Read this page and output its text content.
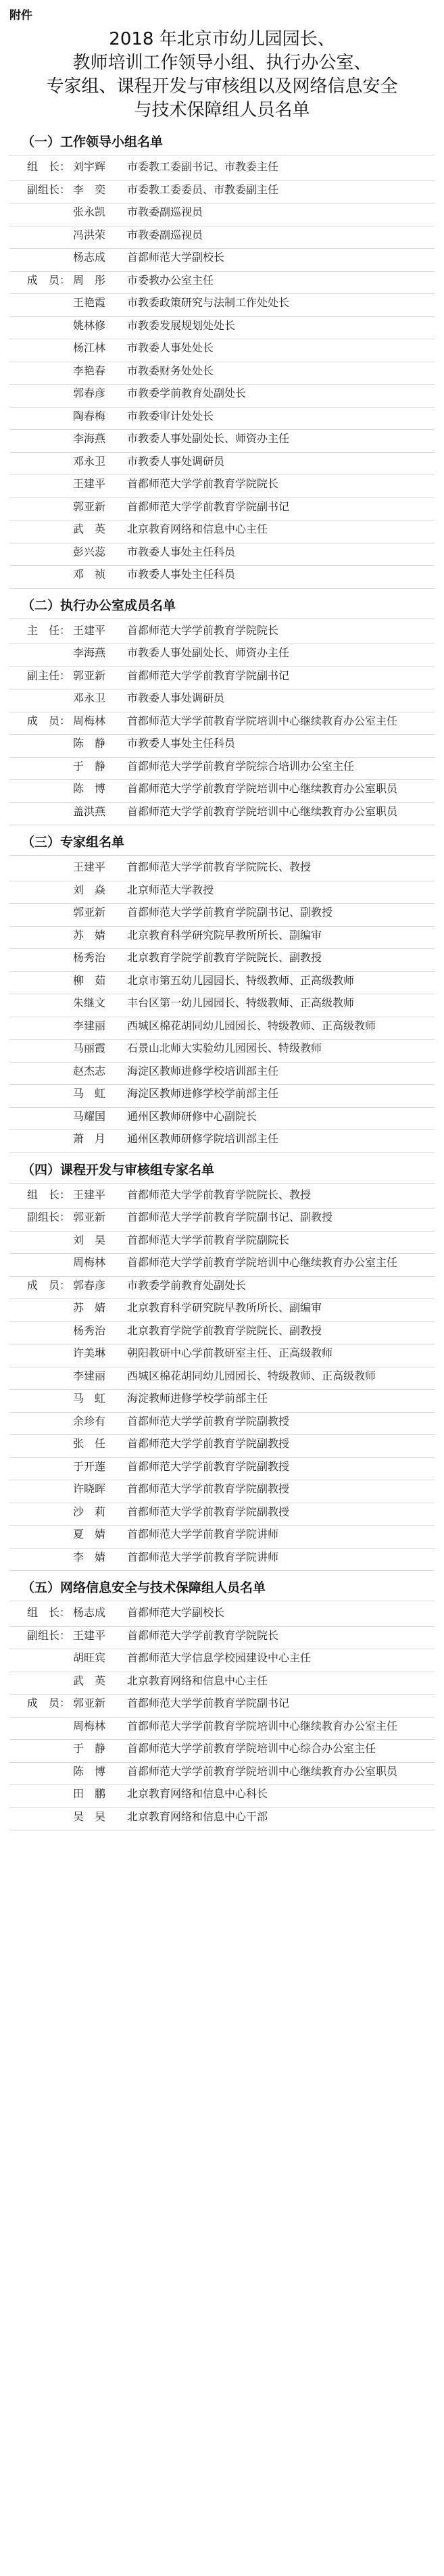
附件
2018 年北京市幼儿园园长、
教师培训工作领导小组、执行办公室、
专家组、课程开发与审核组以及网络信息安全
与技术保障组人员名单
（一）工作领导小组名单
组　长： 刘宇辉	市委教工委副书记、市教委主任
副组长： 李　奕	市委教工委委员、市教委副主任
张永凯	市教委副巡视员
冯洪荣	市教委副巡视员
杨志成	首都师范大学副校长
成　员： 周　彤	市委教办公室主任
王艳霞	市教委政策研究与法制工作处处长
姚林修	市教委发展规划处处长
杨江林	市教委人事处处长
李艳春	市教委财务处处长
郭春彦	市教委学前教育处副处长
陶春梅	市教委审计处处长
李海燕	市教委人事处副处长、师资办主任
邓永卫	市教委人事处调研员
王建平	首都师范大学学前教育学院院长
郭亚新	首都师范大学学前教育学院副书记
武　英	北京教育网络和信息中心主任
彭兴蕊	市教委人事处主任科员
邓　祯	市教委人事处主任科员
（二）执行办公室成员名单
主　任： 王建平	首都师范大学学前教育学院院长
李海燕	市教委人事处副处长、师资办主任
副主任： 郭亚新	首都师范大学学前教育学院副书记
邓永卫	市教委人事处调研员
成　员： 周梅林	首都师范大学学前教育学院培训中心继续教育办公室主任
陈　静	市教委人事处主任科员
于　静	首都师范大学学前教育学院综合培训办公室主任
陈　博	首都师范大学学前教育学院培训中心继续教育办公室职员
盖洪燕	首都师范大学学前教育学院培训中心继续教育办公室职员
（三）专家组名单
王建平	首都师范大学学前教育学院院长、教授
刘　焱	北京师范大学教授
郭亚新	首都师范大学学前教育学院副书记、副教授
苏　婧	北京教育科学研究院早教所所长、副编审
杨秀治	北京教育学院学前教育学院院长、副教授
柳　茹	北京市第五幼儿园园长、特级教师、正高级教师
朱继文	丰台区第一幼儿园园长、特级教师、正高级教师
李建丽	西城区棉花胡同幼儿园园长、特级教师、正高级教师
马丽霞	石景山北师大实验幼儿园园长、特级教师
赵杰志	海淀区教师进修学校培训部主任
马　虹	海淀区教师进修学校学前部主任
马耀国	通州区教师研修中心副院长
萧　月	通州区教师研修学院培训部主任
（四）课程开发与审核组专家名单
组　长： 王建平	首都师范大学学前教育学院院长、教授
副组长： 郭亚新	首都师范大学学前教育学院副书记、副教授
刘　昊	首都师范大学学前教育学院副院长
周梅林	首都师范大学学前教育学院培训中心继续教育办公室主任
成　员： 郭春彦	市教委学前教育处副处长
苏　婧	北京教育科学研究院早教所所长、副编审
杨秀治	北京教育学院学前教育学院院长、副教授
许美琳	朝阳教研中心学前教研室主任、正高级教师
李建丽	西城区棉花胡同幼儿园园长、特级教师、正高级教师
马　虹	海淀教师进修学校学前部主任
余珍有	首都师范大学学前教育学院副教授
张　任	首都师范大学学前教育学院副教授
于开莲	首都师范大学学前教育学院副教授
许晓晖	首都师范大学学前教育学院副教授
沙　莉	首都师范大学学前教育学院副教授
夏　婧	首都师范大学学前教育学院讲师
李　婧	首都师范大学学前教育学院讲师
（五）网络信息安全与技术保障组人员名单
组　长： 杨志成	首都师范大学副校长
副组长： 王建平	首都师范大学学前教育学院院长
胡旺宾	首都师范大学信息学校园建设中心主任
武　英	北京教育网络和信息中心主任
成　员： 郭亚新	首都师范大学学前教育学院副书记
周梅林	首都师范大学学前教育学院培训中心继续教育办公室主任
于　静	首都师范大学学前教育学院培训中心综合办公室主任
陈　博	首都师范大学学前教育学院培训中心继续教育办公室职员
田　鹏	北京教育网络和信息中心科长
吴　昊	北京教育网络和信息中心干部
